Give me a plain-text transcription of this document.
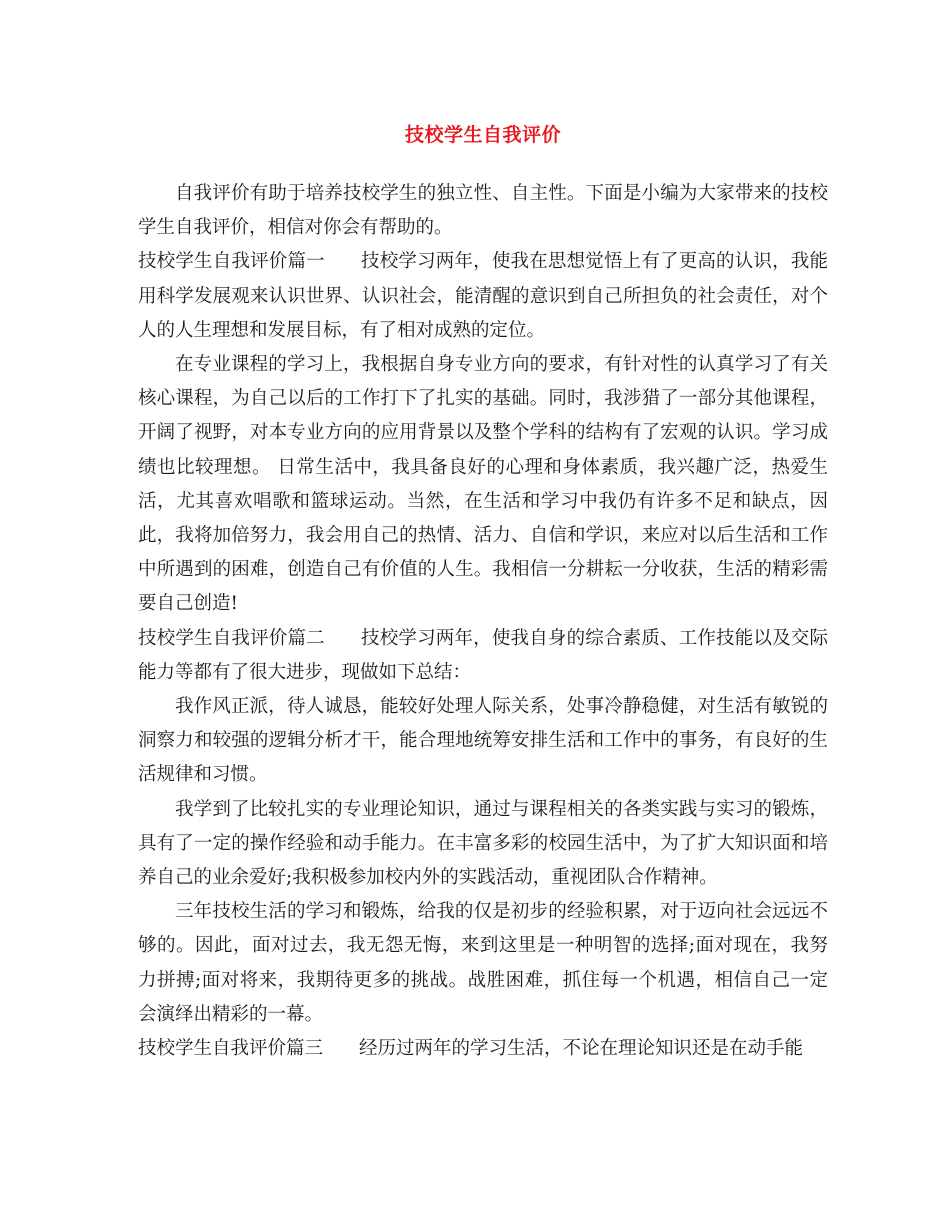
技校学生自我评价

自我评价有助于培养技校学生的独立性、自主性。下面是小编为大家带来的技校学生自我评价，相信对你会有帮助的。

技校学生自我评价篇一 技校学习两年，使我在思想觉悟上有了更高的认识，我能用科学发展观来认识世界、认识社会，能清醒的意识到自己所担负的社会责任，对个人的人生理想和发展目标，有了相对成熟的定位。

在专业课程的学习上，我根据自身专业方向的要求，有针对性的认真学习了有关核心课程，为自己以后的工作打下了扎实的基础。同时，我涉猎了一部分其他课程，开阔了视野，对本专业方向的应用背景以及整个学科的结构有了宏观的认识。学习成绩也比较理想。 日常生活中，我具备良好的心理和身体素质，我兴趣广泛，热爱生活，尤其喜欢唱歌和篮球运动。当然，在生活和学习中我仍有许多不足和缺点，因此，我将加倍努力，我会用自己的热情、活力、自信和学识，来应对以后生活和工作中所遇到的困难，创造自己有价值的人生。我相信一分耕耘一分收获，生活的精彩需要自己创造!

技校学生自我评价篇二 技校学习两年，使我自身的综合素质、工作技能以及交际能力等都有了很大进步，现做如下总结：

我作风正派，待人诚恳，能较好处理人际关系，处事冷静稳健，对生活有敏锐的洞察力和较强的逻辑分析才干，能合理地统筹安排生活和工作中的事务，有良好的生活规律和习惯。

我学到了比较扎实的专业理论知识，通过与课程相关的各类实践与实习的锻炼，具有了一定的操作经验和动手能力。在丰富多彩的校园生活中，为了扩大知识面和培养自己的业余爱好;我积极参加校内外的实践活动，重视团队合作精神。

三年技校生活的学习和锻炼，给我的仅是初步的经验积累，对于迈向社会远远不够的。因此，面对过去，我无怨无悔，来到这里是一种明智的选择;面对现在，我努力拼搏;面对将来，我期待更多的挑战。战胜困难，抓住每一个机遇，相信自己一定会演绎出精彩的一幕。

技校学生自我评价篇三 经历过两年的学习生活，不论在理论知识还是在动手能
